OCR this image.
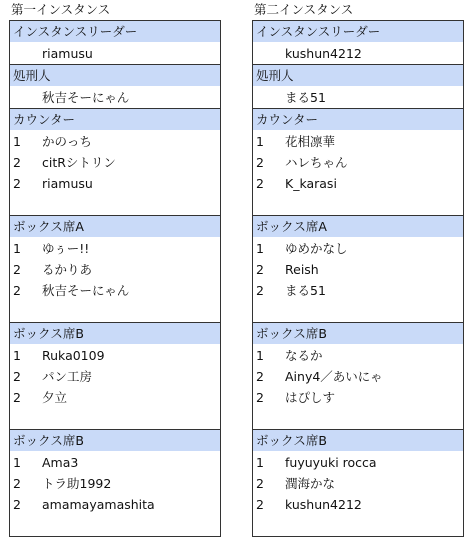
第一インスタンス
インスタンスリーダー
riamusu
処刑人
秋吉そーにゃん
カウンター
1 かのっち
2 citRシトリン
2 riamusu
ボックス席A
1 ゆぅー!!
2 るかりあ
2 秋吉そーにゃん
ボックス席B
1 Ruka0109
2 パン工房
2 夕立
ボックス席B
1 Ama3
2 トラ助1992
2 amamayamashita
第二インスタンス
インスタンスリーダー
kushun4212
処刑人
まる51
カウンター
1 花相凛華
2 ハレちゃん
2 K_karasi
ボックス席A
1 ゆめかなし
2 Reish
2 まる51
ボックス席B
1 なるか
2 Ainy4／あいにゃ
2 はぴしす
ボックス席B
1 fuyuyuki rocca
2 潤海かな
2 kushun4212
